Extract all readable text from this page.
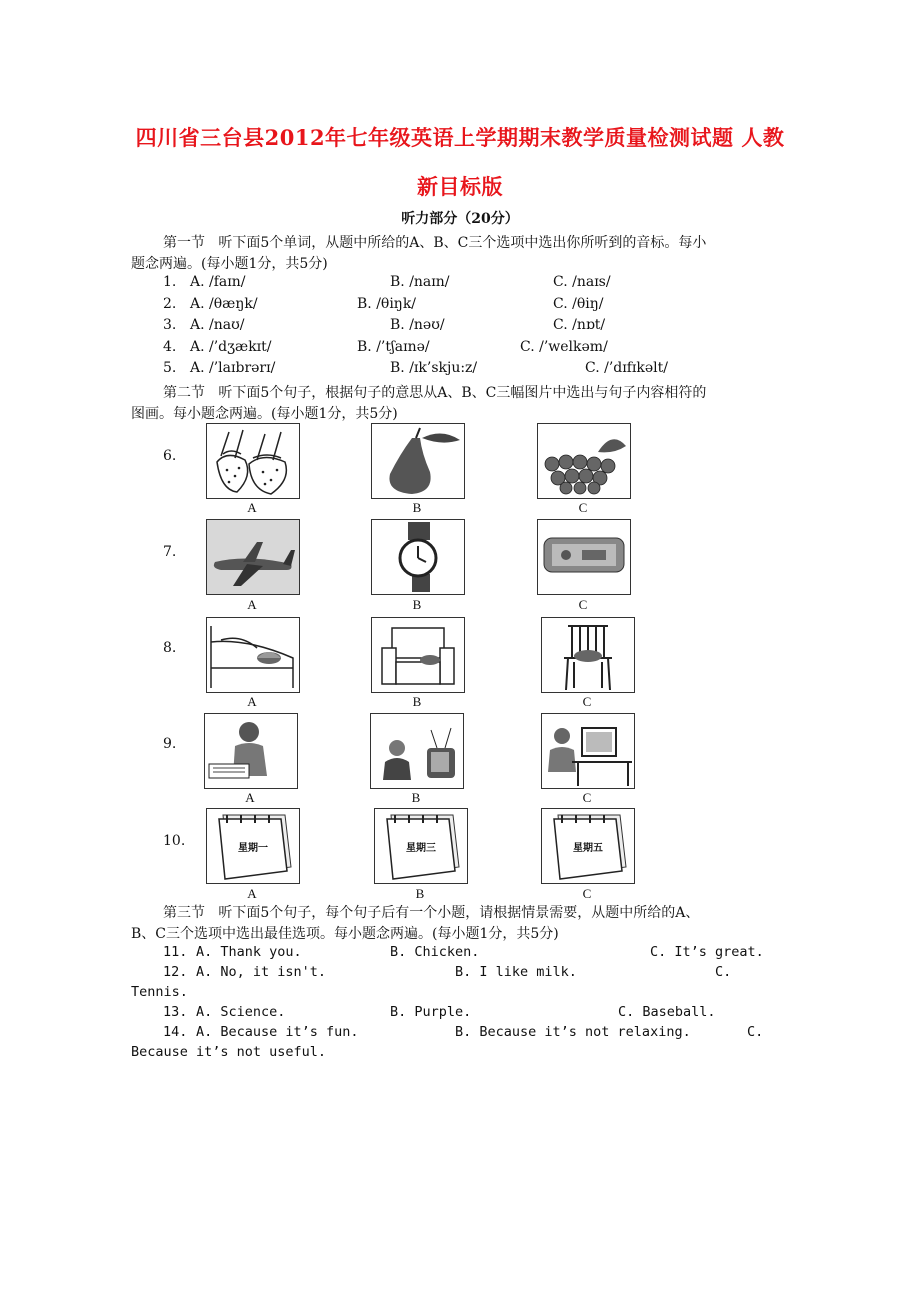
四川省三台县2012年七年级英语上学期期末教学质量检测试题 人教
新目标版
听力部分（20分）
第一节   听下面5个单词，从题中所给的A、B、C三个选项中选出你所听到的音标。每小
题念两遍。(每小题1分，共5分)
1. A. /faɪn/	B. /naɪn/	C. /naɪs/
2. A. /θæŋk/	B. /θiŋk/	C. /θiŋ/
3. A. /naʊ/	B. /nəʊ/	C. /nɒt/
4. A. /’dʒækɪt/	B. /’tʃaɪnə/	C. /’welkəm/
5. A. /’laɪbrərɪ/	B. /ɪk’skju:z/	C. /’dɪfɪkəlt/
第二节   听下面5个句子，根据句子的意思从A、B、C三幅图片中选出与句子内容相符的
图画。每小题念两遍。(每小题1分，共5分)
6.
A	B	C
7.
A	B	C
8.
A	B	C
9.
A	B	C
10.	星期一
A
星期三
B
星期五
C
第三节   听下面5个句子，每个句子后有一个小题，请根据情景需要，从题中所给的A、
B、C三个选项中选出最佳选项。每小题念两遍。(每小题1分，共5分)
11. A. Thank you.	B. Chicken.	C. It’s great.
12. A. No, it isn't.	B. I like milk.	C.
Tennis.
13. A. Science.	B. Purple.	C. Baseball.
14. A. Because it’s fun.	B. Because it’s not relaxing.	C.
Because it’s not useful.
